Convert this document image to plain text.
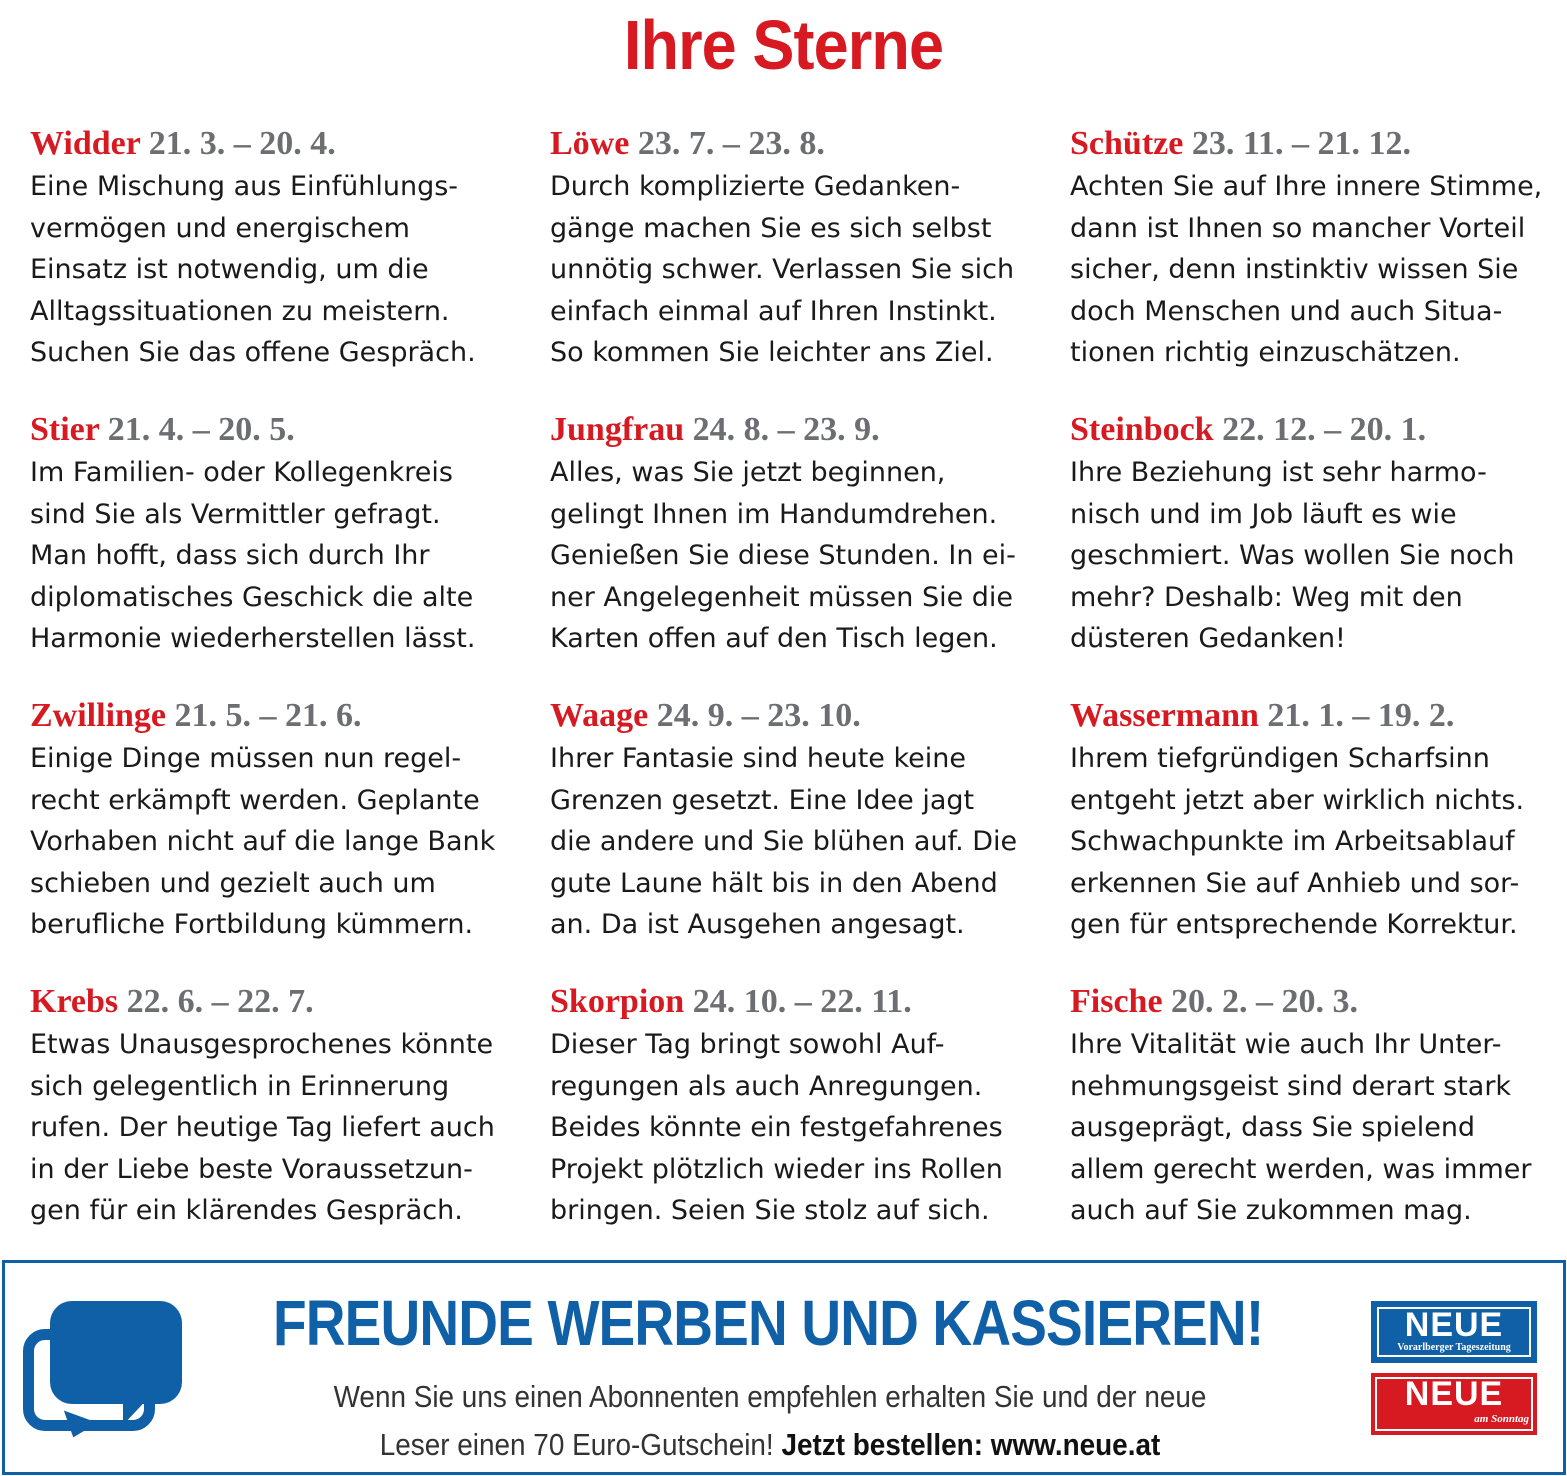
Ihre Sterne
Widder 21. 3. – 20. 4.
Eine Mischung aus Einfühlungs-
vermögen und energischem
Einsatz ist notwendig, um die
Alltagssituationen zu meistern.
Suchen Sie das offene Gespräch.
Stier 21. 4. – 20. 5.
Im Familien- oder Kollegenkreis
sind Sie als Vermittler gefragt.
Man hofft, dass sich durch Ihr
diplomatisches Geschick die alte
Harmonie wiederherstellen lässt.
Zwillinge 21. 5. – 21. 6.
Einige Dinge müssen nun regel-
recht erkämpft werden. Geplante
Vorhaben nicht auf die lange Bank
schieben und gezielt auch um
berufliche Fortbildung kümmern.
Krebs 22. 6. – 22. 7.
Etwas Unausgesprochenes könnte
sich gelegentlich in Erinnerung
rufen. Der heutige Tag liefert auch
in der Liebe beste Voraussetzun-
gen für ein klärendes Gespräch.
Löwe 23. 7. – 23. 8.
Durch komplizierte Gedanken-
gänge machen Sie es sich selbst
unnötig schwer. Verlassen Sie sich
einfach einmal auf Ihren Instinkt.
So kommen Sie leichter ans Ziel.
Jungfrau 24. 8. – 23. 9.
Alles, was Sie jetzt beginnen,
gelingt Ihnen im Handumdrehen.
Genießen Sie diese Stunden. In ei-
ner Angelegenheit müssen Sie die
Karten offen auf den Tisch legen.
Waage 24. 9. – 23. 10.
Ihrer Fantasie sind heute keine
Grenzen gesetzt. Eine Idee jagt
die andere und Sie blühen auf. Die
gute Laune hält bis in den Abend
an. Da ist Ausgehen angesagt.
Skorpion 24. 10. – 22. 11.
Dieser Tag bringt sowohl Auf-
regungen als auch Anregungen.
Beides könnte ein festgefahrenes
Projekt plötzlich wieder ins Rollen
bringen. Seien Sie stolz auf sich.
Schütze 23. 11. – 21. 12.
Achten Sie auf Ihre innere Stimme,
dann ist Ihnen so mancher Vorteil
sicher, denn instinktiv wissen Sie
doch Menschen und auch Situa-
tionen richtig einzuschätzen.
Steinbock 22. 12. – 20. 1.
Ihre Beziehung ist sehr harmo-
nisch und im Job läuft es wie
geschmiert. Was wollen Sie noch
mehr? Deshalb: Weg mit den
düsteren Gedanken!
Wassermann 21. 1. – 19. 2.
Ihrem tiefgründigen Scharfsinn
entgeht jetzt aber wirklich nichts.
Schwachpunkte im Arbeitsablauf
erkennen Sie auf Anhieb und sor-
gen für entsprechende Korrektur.
Fische 20. 2. – 20. 3.
Ihre Vitalität wie auch Ihr Unter-
nehmungsgeist sind derart stark
ausgeprägt, dass Sie spielend
allem gerecht werden, was immer
auch auf Sie zukommen mag.
FREUNDE WERBEN UND KASSIEREN!
Wenn Sie uns einen Abonnenten empfehlen erhalten Sie und der neue
Leser einen 70 Euro-Gutschein! Jetzt bestellen: www.neue.at
NEUE
Vorarlberger Tageszeitung
NEUE
am Sonntag
